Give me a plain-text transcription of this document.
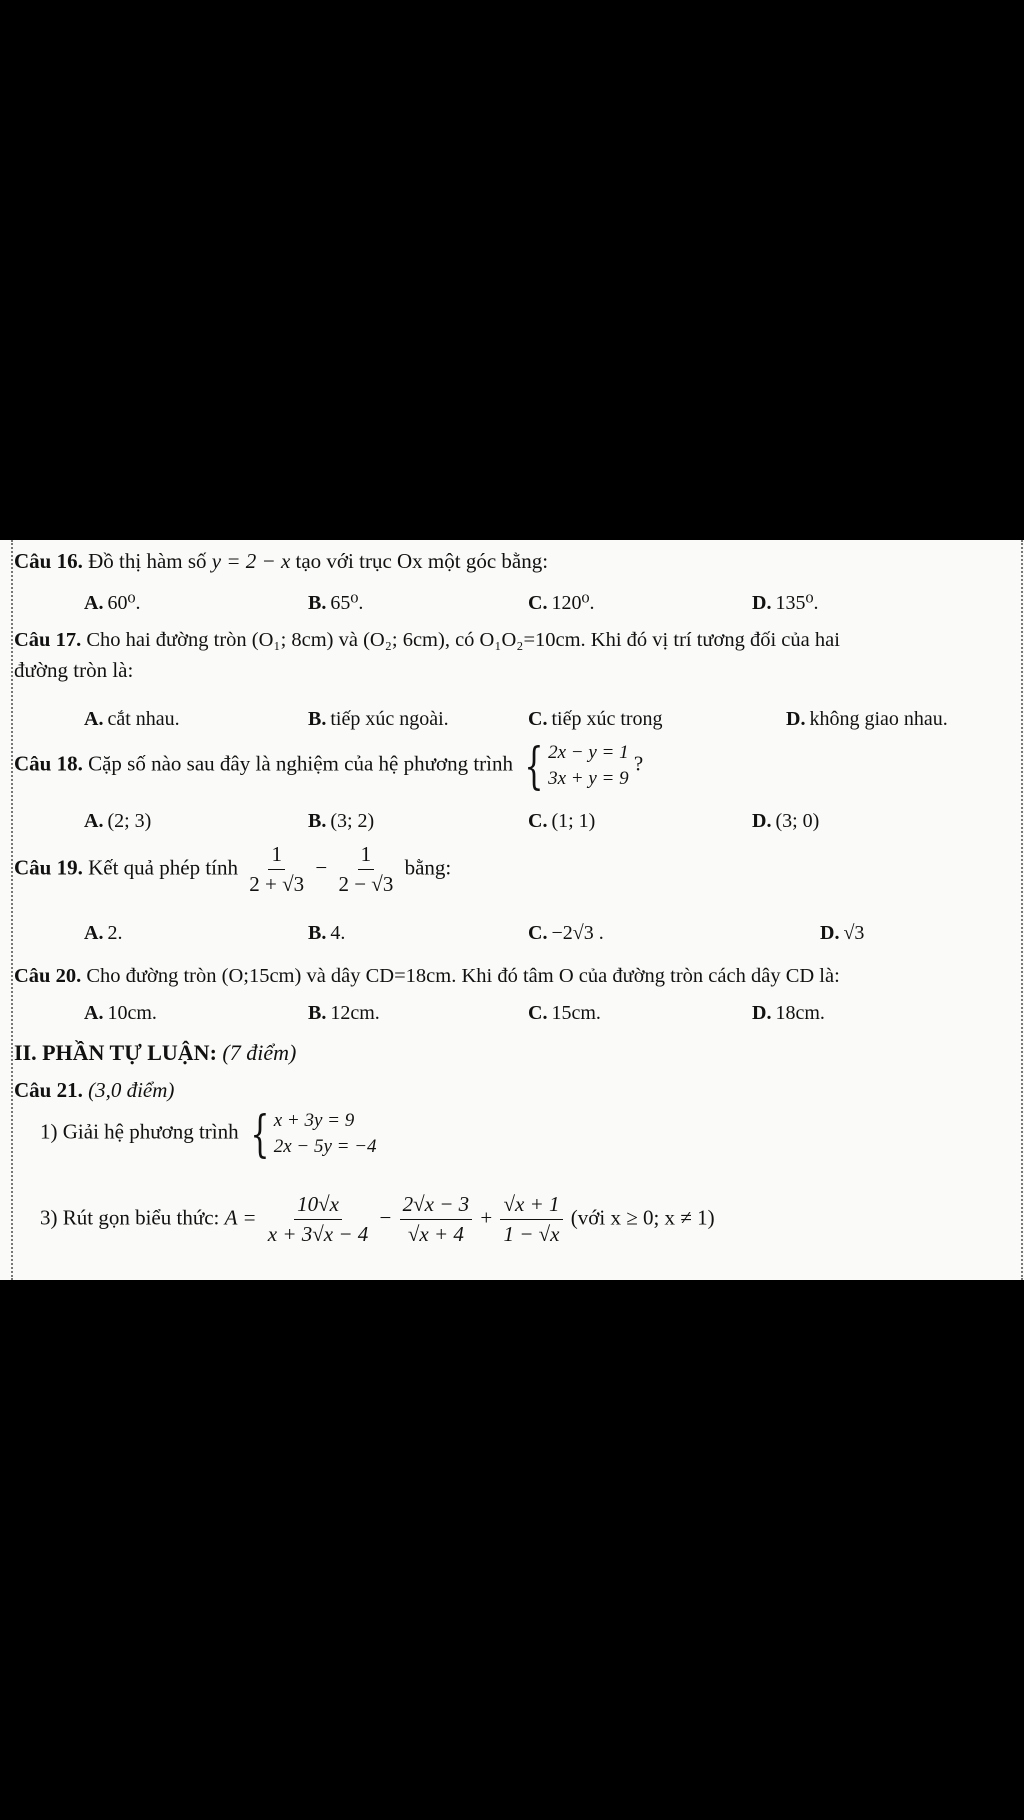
Câu 16. Đồ thị hàm số y = 2 − x tạo với trục Ox một góc bằng:
A. 60⁰.	B. 65⁰.	C. 120⁰.	D. 135⁰.
Câu 17. Cho hai đường tròn (O₁; 8cm) và (O₂; 6cm), có O₁O₂=10cm. Khi đó vị trí tương đối của hai
đường tròn là:
A. cắt nhau.	B. tiếp xúc ngoài.	C. tiếp xúc trong	D. không giao nhau.
Câu 18. Cặp số nào sau đây là nghiệm của hệ phương trình { 2x − y = 1
3x + y = 9
?
A. (2; 3)	B. (3; 2)	C. (1; 1)	D. (3; 0)
Câu 19. Kết quả phép tính $\frac{1}{2 + √3} - \frac{1}{2 - √3}$ bằng:
A. 2.	B. 4.	C. −2√3 .	D. √3
Câu 20. Cho đường tròn (O;15cm) và dây CD=18cm. Khi đó tâm O của đường tròn cách dây CD là:
A. 10cm.	B. 12cm.	C. 15cm.	D. 18cm.
II. PHẦN TỰ LUẬN: (7 điểm)
Câu 21. (3,0 điểm)
1) Giải hệ phương trình { x + 3y = 9
2x − 5y = −4
3) Rút gọn biểu thức: $A = \frac{10√x}{x + 3√x - 4} - \frac{2√x - 3}{√x + 4} + \frac{√x + 1}{1 - √x}$ (với x ≥ 0; x ≠ 1)
